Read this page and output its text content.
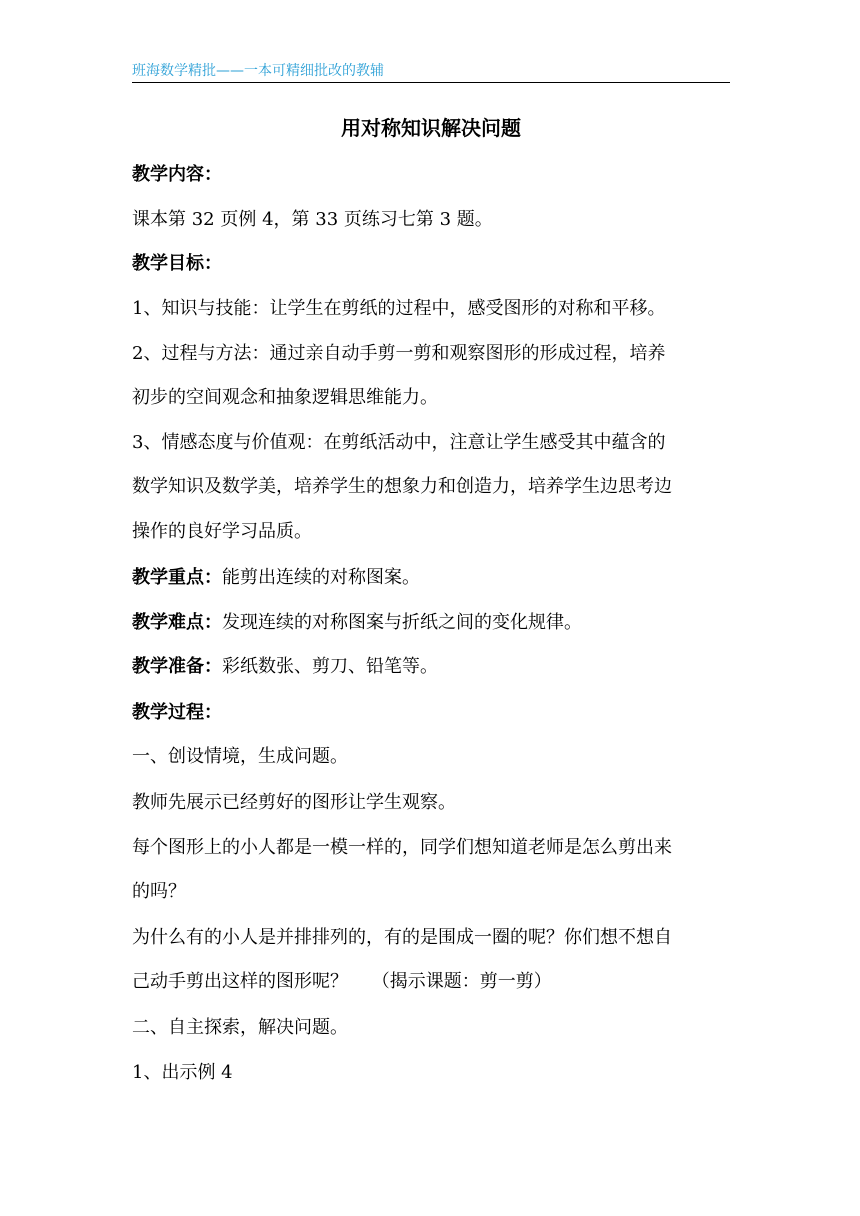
班海数学精批——一本可精细批改的教辅
用对称知识解决问题
教学内容：
课本第 32 页例 4，第 33 页练习七第 3 题。
教学目标：
1、知识与技能：让学生在剪纸的过程中，感受图形的对称和平移。
2、过程与方法：通过亲自动手剪一剪和观察图形的形成过程，培养
初步的空间观念和抽象逻辑思维能力。
3、情感态度与价值观：在剪纸活动中，注意让学生感受其中蕴含的
数学知识及数学美，培养学生的想象力和创造力，培养学生边思考边
操作的良好学习品质。
教学重点：能剪出连续的对称图案。
教学难点：发现连续的对称图案与折纸之间的变化规律。
教学准备：彩纸数张、剪刀、铅笔等。
教学过程：
一、创设情境，生成问题。
教师先展示已经剪好的图形让学生观察。
每个图形上的小人都是一模一样的，同学们想知道老师是怎么剪出来
的吗？
为什么有的小人是并排排列的，有的是围成一圈的呢？你们想不想自
己动手剪出这样的图形呢？　 （揭示课题：剪一剪）
二、自主探索，解决问题。
1、出示例 4
